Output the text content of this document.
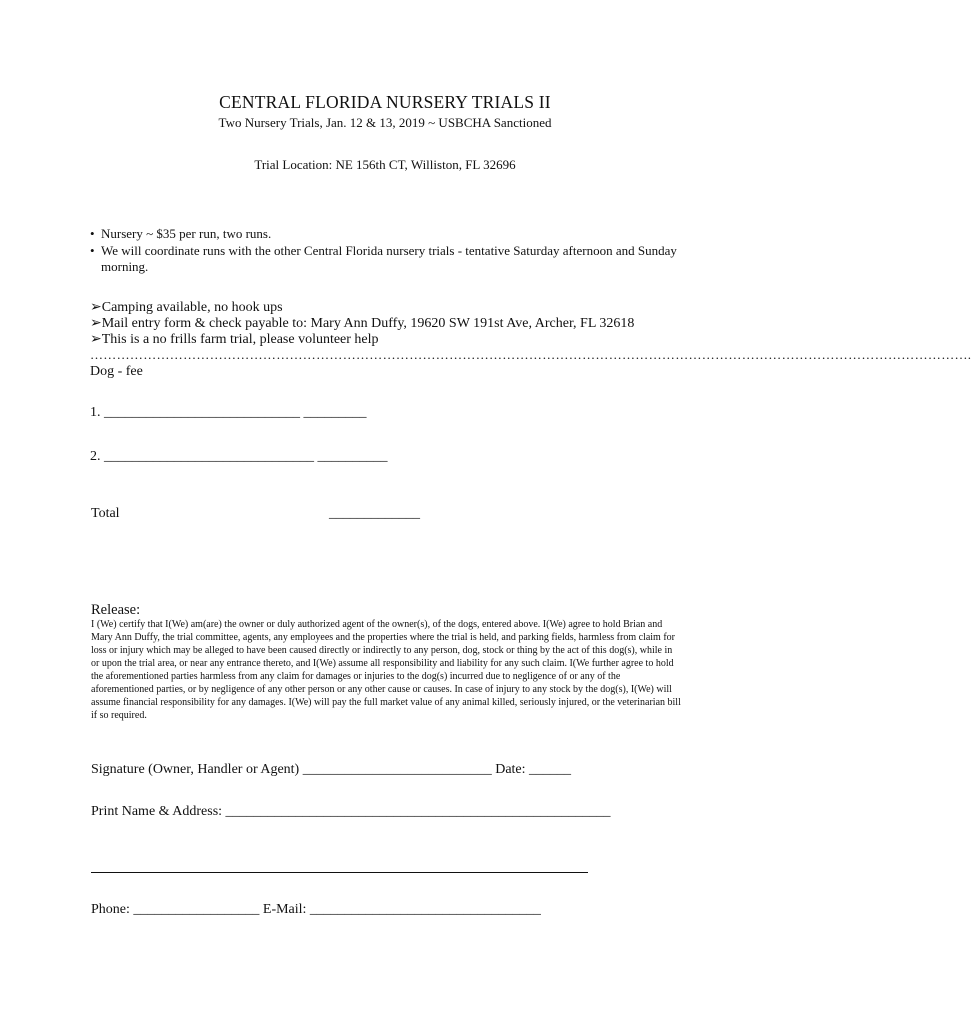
CENTRAL FLORIDA NURSERY TRIALS II
Two Nursery Trials, Jan. 12 & 13, 2019 ~ USBCHA Sanctioned
Trial Location: NE 156th CT, Williston, FL 32696
• Nursery ~ $35 per run, two runs.
• We will coordinate runs with the other Central Florida nursery trials - tentative Saturday afternoon and Sunday morning.
➢Camping available, no hook ups
➢Mail entry form & check payable to: Mary Ann Duffy, 19620 SW 191st Ave, Archer, FL 32618
➢This is a no frills farm trial, please volunteer help
……………………………………………………………………………………………………………………………………………………………………………….
Dog - fee
1. ____________________________ _________
2. ______________________________ __________
Total	_____________
Release:
I (We) certify that I(We) am(are) the owner or duly authorized agent of the owner(s), of the dogs, entered above. I(We) agree to hold Brian and Mary Ann Duffy, the trial committee, agents, any employees and the properties where the trial is held, and parking fields, harmless from claim for loss or injury which may be alleged to have been caused directly or indirectly to any person, dog, stock or thing by the act of this dog(s), while in or upon the trial area, or near any entrance thereto, and I(We) assume all responsibility and liability for any such claim. I(We further agree to hold the aforementioned parties harmless from any claim for damages or injuries to the dog(s) incurred due to negligence of or any of the aforementioned parties, or by negligence of any other person or any other cause or causes. In case of injury to any stock by the dog(s), I(We) will assume financial responsibility for any damages. I(We) will pay the full market value of any animal killed, seriously injured, or the veterinarian bill if so required.
Signature (Owner, Handler or Agent) ___________________________ Date: ______
Print Name & Address: _______________________________________________________
Phone: __________________ E-Mail: _________________________________
